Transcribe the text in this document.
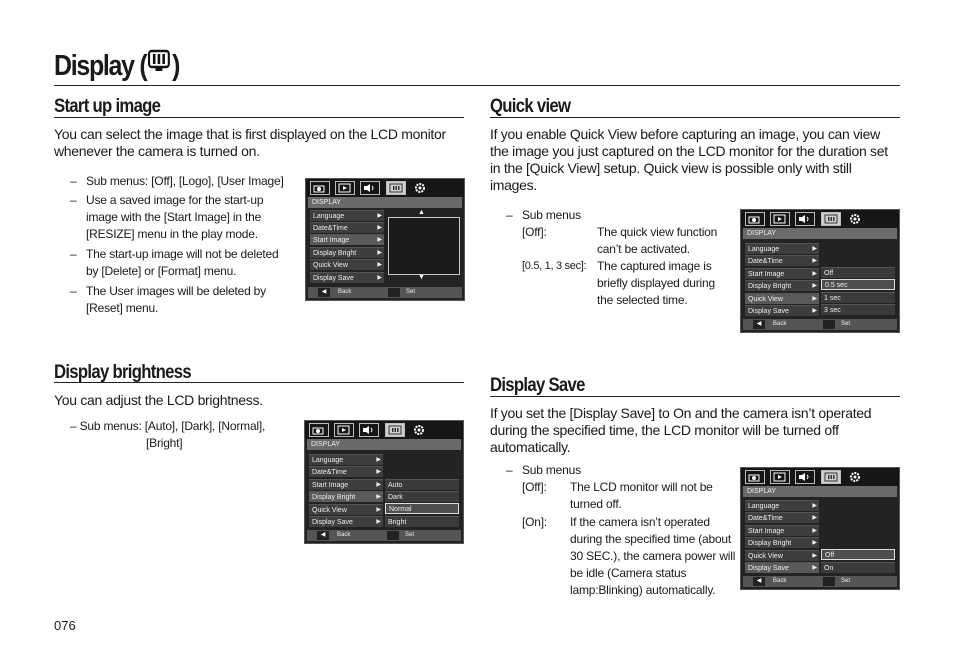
Display ( )
Start up image
You can select the image that is first displayed on the LCD monitor whenever the camera is turned on.
– Sub menus: [Off], [Logo], [User Image]
– Use a saved image for the start-up image with the [Start Image] in the [RESIZE] menu in the play mode.
– The start-up image will not be deleted by [Delete] or [Format] menu.
– The User images will be deleted by [Reset] menu.
DISPLAY
Language	▶
Date&Time	▶
Start Image	▶
Display Bright	▶
Quick View	▶
Display Save	▶
▲
▼
◀	Back	Set
Display brightness
You can adjust the LCD brightness.
– Sub menus: [Auto], [Dark], [Normal],
[Bright]	DISPLAY
Language	▶
Date&Time	▶
Start Image	▶
Display Bright	▶
Quick View	▶
Display Save	▶
Auto
Dark
Normal
Bright
◀	Back	Set
Quick view
If you enable Quick View before capturing an image, you can view the image you just captured on the LCD monitor for the duration set in the [Quick View] setup. Quick view is possible only with still images.
– Sub menus
[Off]:	The quick view function can’t be activated.
[0.5, 1, 3 sec]: The captured image is briefly displayed during the selected time.
DISPLAY
Language	▶
Date&Time	▶
Start Image	▶
Display Bright	▶
Quick View	▶
Display Save	▶
Off
0.5 sec
1 sec
3 sec
◀	Back	Set
Display Save
If you set the [Display Save] to On and the camera isn’t operated during the specified time, the LCD monitor will be turned off automatically.
– Sub menus
[Off]: The LCD monitor will not be turned off.
[On]: If the camera isn’t operated during the specified time (about 30 SEC.), the camera power will be idle (Camera status lamp:Blinking) automatically.
DISPLAY
Language	▶
Date&Time	▶
Start Image	▶
Display Bright	▶
Quick View	▶
Display Save	▶
Off
On
◀	Back	Set
076
